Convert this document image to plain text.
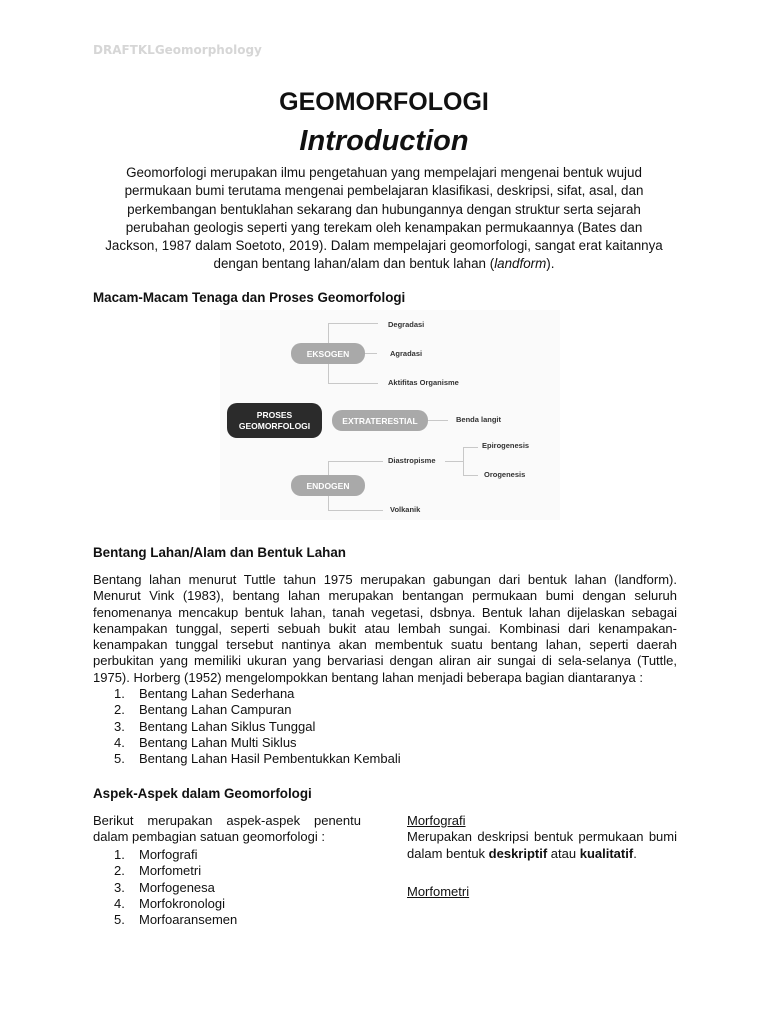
DRAFTKLGeomorphology
GEOMORFOLOGI
Introduction
Geomorfologi merupakan ilmu pengetahuan yang mempelajari mengenai bentuk wujud permukaan bumi terutama mengenai pembelajaran klasifikasi, deskripsi, sifat, asal, dan perkembangan bentuklahan sekarang dan hubungannya dengan struktur serta sejarah perubahan geologis seperti yang terekam oleh kenampakan permukaannya (Bates dan Jackson, 1987 dalam Soetoto, 2019). Dalam mempelajari geomorfologi, sangat erat kaitannya dengan bentang lahan/alam dan bentuk lahan (landform).
Macam-Macam Tenaga dan Proses Geomorfologi
EKSOGEN
Degradasi
Agradasi
Aktifitas Organisme
PROSES GEOMORFOLOGI	EXTRATERESTIAL	Benda langit
Diastropisme
Epirogenesis
Orogenesis
ENDOGEN
Volkanik
Bentang Lahan/Alam dan Bentuk Lahan
Bentang lahan menurut Tuttle tahun 1975 merupakan gabungan dari bentuk lahan (landform). Menurut Vink (1983), bentang lahan merupakan bentangan permukaan bumi dengan seluruh fenomenanya mencakup bentuk lahan, tanah vegetasi, dsbnya. Bentuk lahan dijelaskan sebagai kenampakan tunggal, seperti sebuah bukit atau lembah sungai. Kombinasi dari kenampakan-kenampakan tunggal tersebut nantinya akan membentuk suatu bentang lahan, seperti daerah perbukitan yang memiliki ukuran yang bervariasi dengan aliran air sungai di sela-selanya (Tuttle, 1975). Horberg (1952) mengelompokkan bentang lahan menjadi beberapa bagian diantaranya :
1. Bentang Lahan Sederhana
2. Bentang Lahan Campuran
3. Bentang Lahan Siklus Tunggal
4. Bentang Lahan Multi Siklus
5. Bentang Lahan Hasil Pembentukkan Kembali
Aspek-Aspek dalam Geomorfologi
Berikut merupakan aspek-aspek penentu dalam pembagian satuan geomorfologi :
1. Morfografi
2. Morfometri
3. Morfogenesa
4. Morfokronologi
5. Morfoaransemen
Morfografi
Merupakan deskripsi bentuk permukaan bumi dalam bentuk deskriptif atau kualitatif.
Morfometri
